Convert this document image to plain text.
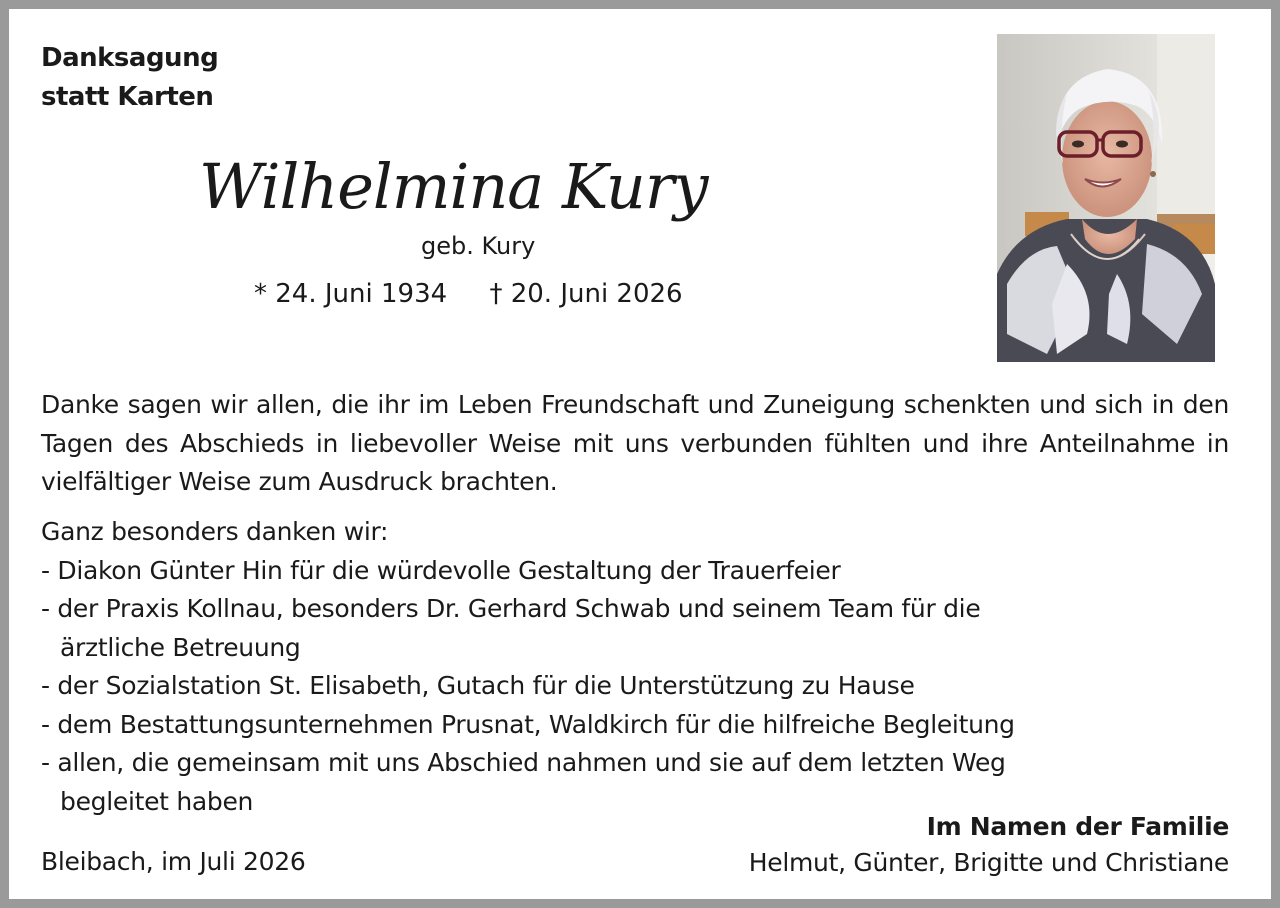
Danksagung
statt Karten
Wilhelmina Kury
geb. Kury
* 24. Juni 1934 † 20. Juni 2026
Danke sagen wir allen, die ihr im Leben Freundschaft und Zuneigung schenkten und sich in den Tagen des Abschieds in liebevoller Weise mit uns verbunden fühlten und ihre Anteilnahme in vielfältiger Weise zum Ausdruck brachten.
Ganz besonders danken wir:
- Diakon Günter Hin für die würdevolle Gestaltung der Trauerfeier
- der Praxis Kollnau, besonders Dr. Gerhard Schwab und seinem Team für die
ärztliche Betreuung
- der Sozialstation St. Elisabeth, Gutach für die Unterstützung zu Hause
- dem Bestattungsunternehmen Prusnat, Waldkirch für die hilfreiche Begleitung
- allen, die gemeinsam mit uns Abschied nahmen und sie auf dem letzten Weg
begleitet haben
Bleibach, im Juli 2026
Im Namen der Familie
Helmut, Günter, Brigitte und Christiane
